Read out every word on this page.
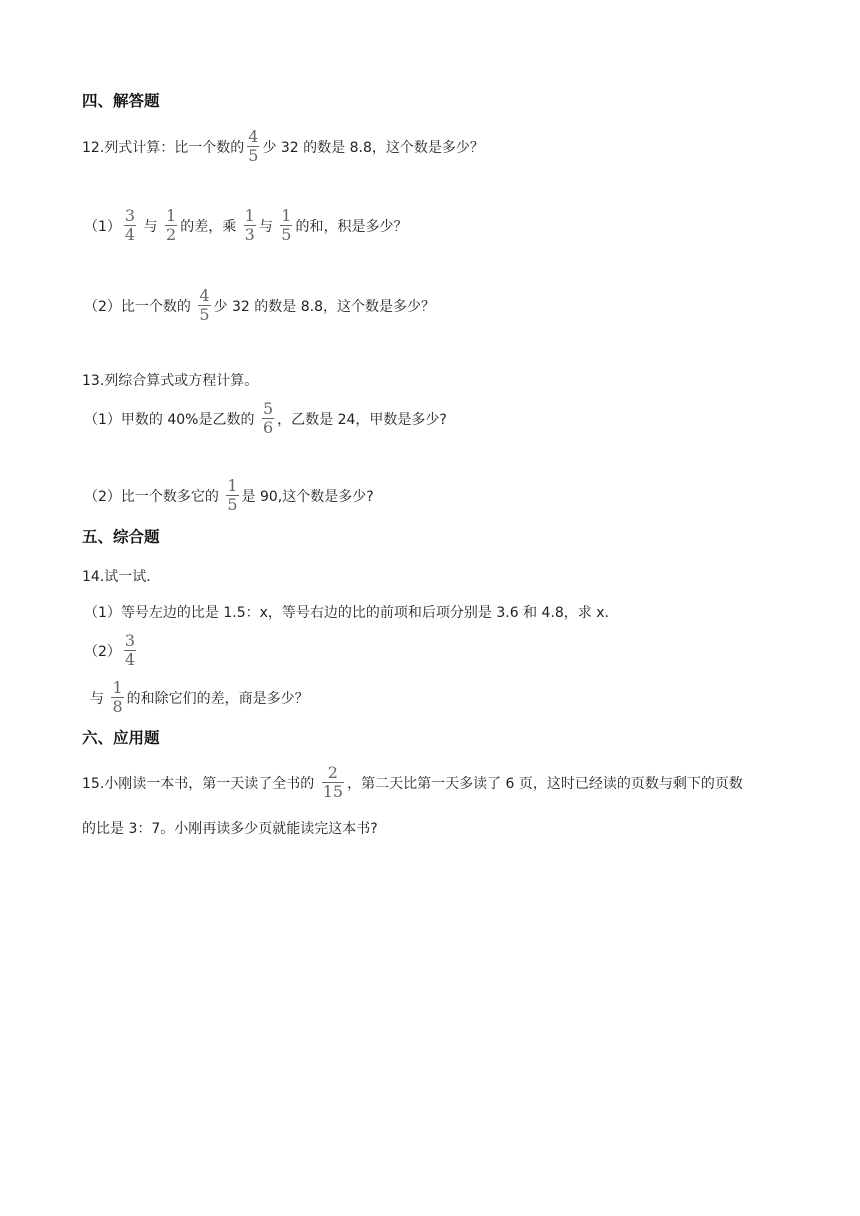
四、解答题
12.列式计算：比一个数的 $\frac{4}{5}$ 少 32 的数是 8.8，这个数是多少？
$(1) \frac{3}{4}$ 与 $\frac{1}{2}$ 的差，乘 $\frac{1}{3}$ 与 $\frac{1}{5}$ 的和，积是多少？
（2）比一个数的 $\frac{4}{5}$ 少 32 的数是 8.8，这个数是多少？
13.列综合算式或方程计算。
（1）甲数的 40%是乙数的 $\frac{5}{6}$ ，乙数是 24，甲数是多少?
（2）比一个数多它的 $\frac{1}{5}$ 是 90,这个数是多少?
五、综合题
14.试一试.
（1）等号左边的比是 1.5：x，等号右边的比的前项和后项分别是 3.6 和 4.8，求 x.
$(2) \frac{3}{4}$
与 $\frac{1}{8}$ 的和除它们的差，商是多少？
六、应用题
15.小刚读一本书，第一天读了全书的 $\frac{2}{15}$ ，第二天比第一天多读了 6 页，这时已经读的页数与剩下的页数
的比是 3：7。小刚再读多少页就能读完这本书?
